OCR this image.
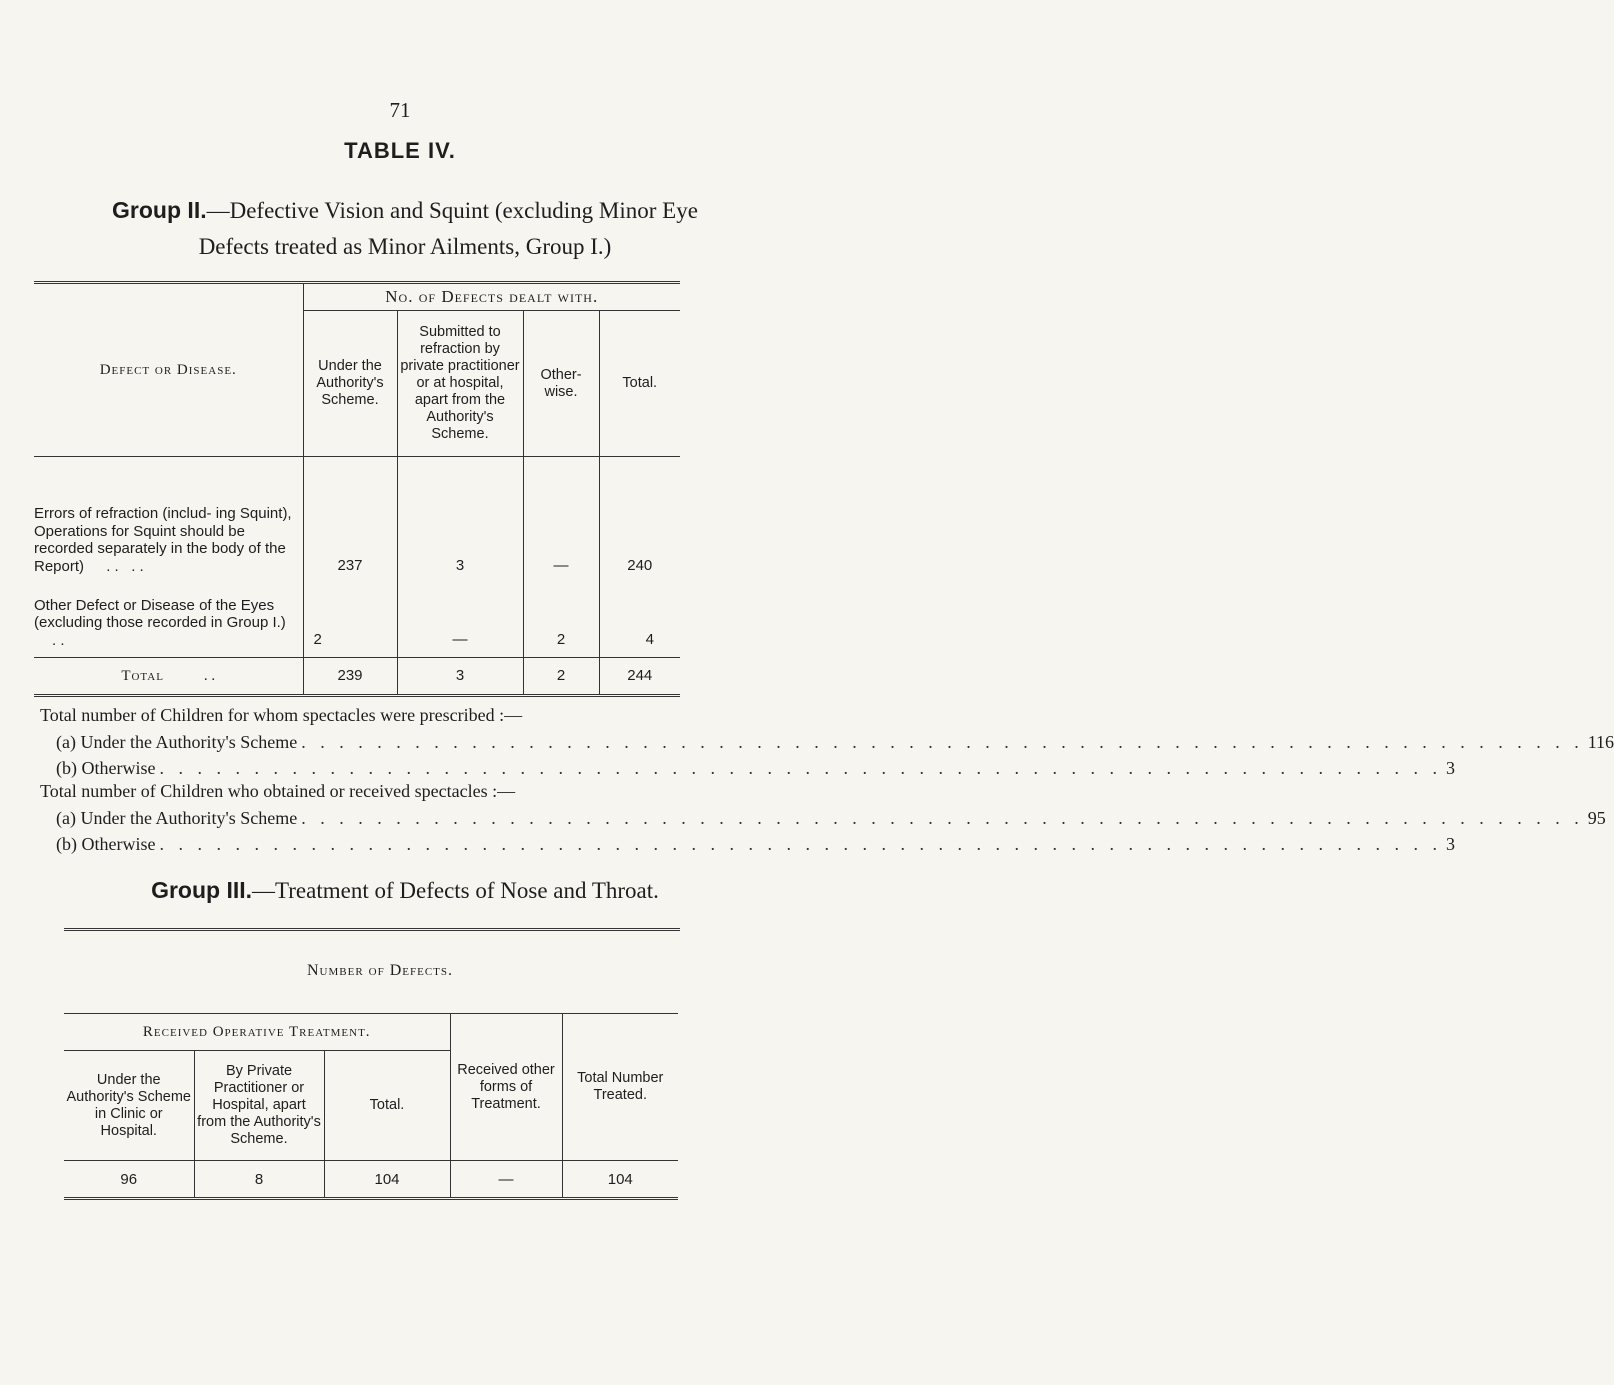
71
TABLE IV.
Group II.—Defective Vision and Squint (excluding Minor Eye
Defects treated as Minor Ailments, Group I.)
Defect or Disease.	No. of Defects dealt with.			
	Under the Authority's Scheme.	Submitted to refraction by private practitioner or at hospital, apart from the Authority's Scheme.	Other- wise.	Total.
Errors of refraction (includ- ing Squint), Operations for Squint should be recorded separately in the body of the Report) . .   . .	237	3	—	240
Other Defect or Disease of the Eyes (excluding those recorded in Group I.) . .	2	—	2	4
Total . .	239	3	2	244
Total number of Children for whom spectacles were prescribed :—
(a) Under the Authority's Scheme . . . . . . . . . . . . . . . . . . . . . . . . . . . . . . . . . . . . . . . . . . . . . . . . . . . . . . . . . . . . . . . . . . . . 116
(b) Otherwise . . . . . . . . . . . . . . . . . . . . . . . . . . . . . . . . . . . . . . . . . . . . . . . . . . . . . . . . . . . . . . . . . . . . 3
Total number of Children who obtained or received spectacles :—
(a) Under the Authority's Scheme . . . . . . . . . . . . . . . . . . . . . . . . . . . . . . . . . . . . . . . . . . . . . . . . . . . . . . . . . . . . . . . . . . . . 95
(b) Otherwise . . . . . . . . . . . . . . . . . . . . . . . . . . . . . . . . . . . . . . . . . . . . . . . . . . . . . . . . . . . . . . . . . . . . 3
Group III.—Treatment of Defects of Nose and Throat.
Number of Defects.
Received Operative Treatment.			Received other forms of Treatment.	Total Number Treated.
Under the Authority's Scheme in Clinic or Hospital.	By Private Practitioner or Hospital, apart from the Authority's Scheme.	Total.		
96	8	104	—	104
